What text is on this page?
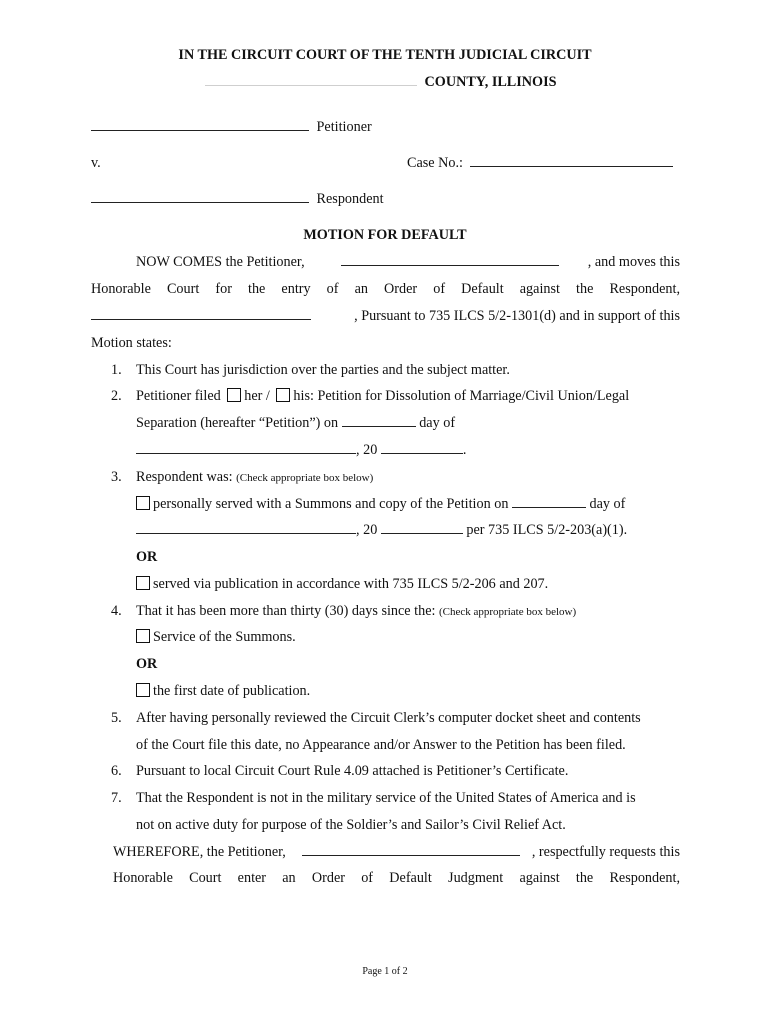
IN THE CIRCUIT COURT OF THE TENTH JUDICIAL CIRCUIT
COUNTY, ILLINOIS
Petitioner
v.	Case No.:
Respondent
MOTION FOR DEFAULT
NOW COMES the Petitioner,	, and moves this
Honorable Court for the entry of an Order of Default against the Respondent,
, Pursuant to 735 ILCS 5/2-1301(d) and in support of this
Motion states:
1. This Court has jurisdiction over the parties and the subject matter.
2. Petitioner filed her / his: Petition for Dissolution of Marriage/Civil Union/Legal
Separation (hereafter “Petition”) on	day of
, 20	.
3. Respondent was: (Check appropriate box below)
personally served with a Summons and copy of the Petition on	day of
, 20	per 735 ILCS 5/2-203(a)(1).
OR
served via publication in accordance with 735 ILCS 5/2-206 and 207.
4. That it has been more than thirty (30) days since the: (Check appropriate box below)
Service of the Summons.
OR
the first date of publication.
5. After having personally reviewed the Circuit Clerk’s computer docket sheet and contents
of the Court file this date, no Appearance and/or Answer to the Petition has been filed.
6. Pursuant to local Circuit Court Rule 4.09 attached is Petitioner’s Certificate.
7. That the Respondent is not in the military service of the United States of America and is
not on active duty for purpose of the Soldier’s and Sailor’s Civil Relief Act.
WHEREFORE, the Petitioner,	, respectfully requests this
Honorable Court enter an Order of Default Judgment against the Respondent,
Page 1 of 2
